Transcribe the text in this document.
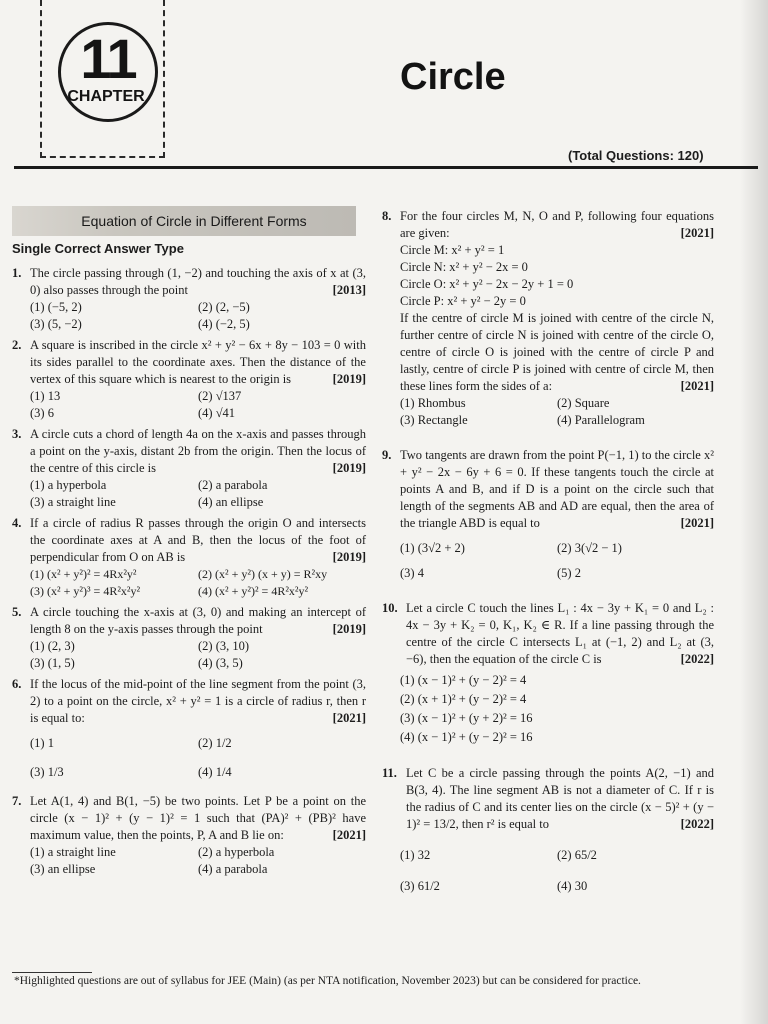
11
CHAPTER	Circle
(Total Questions: 120)
Equation of Circle in Different Forms
Single Correct Answer Type
1. The circle passing through (1, −2) and touching the axis of x at (3, 0) also passes through the point	[2013]
(1) (−5, 2)	(2) (2, −5)
(3) (5, −2)	(4) (−2, 5)
2. A square is inscribed in the circle x² + y² − 6x + 8y − 103 = 0 with its sides parallel to the coordinate axes. Then the distance of the vertex of this square which is nearest to the origin is	[2019]
(1) 13	(2) √137
(3) 6	(4) √41
3. A circle cuts a chord of length 4a on the x-axis and passes through a point on the y-axis, distant 2b from the origin. Then the locus of the centre of this circle is	[2019]
(1) a hyperbola	(2) a parabola
(3) a straight line	(4) an ellipse
4. If a circle of radius R passes through the origin O and intersects the coordinate axes at A and B, then the locus of the foot of perpendicular from O on AB is	[2019]
(1) (x² + y²)² = 4Rx²y²	(2) (x² + y²) (x + y) = R²xy
(3) (x² + y²)³ = 4R²x²y²	(4) (x² + y²)² = 4R²x²y²
5. A circle touching the x-axis at (3, 0) and making an intercept of length 8 on the y-axis passes through the point	[2019]
(1) (2, 3)	(2) (3, 10)
(3) (1, 5)	(4) (3, 5)
6. If the locus of the mid-point of the line segment from the point (3, 2) to a point on the circle, x² + y² = 1 is a circle of radius r, then r is equal to:	[2021]
(1) 1	(2) 1/2
(3) 1/3	(4) 1/4
7. Let A(1, 4) and B(1, −5) be two points. Let P be a point on the circle (x − 1)² + (y − 1)² = 1 such that (PA)² + (PB)² have maximum value, then the points, P, A and B lie on:	[2021]
(1) a straight line	(2) a hyperbola
(3) an ellipse	(4) a parabola
8. For the four circles M, N, O and P, following four equations are given:	[2021]
Circle M: x² + y² = 1
Circle N: x² + y² − 2x = 0
Circle O: x² + y² − 2x − 2y + 1 = 0
Circle P: x² + y² − 2y = 0
If the centre of circle M is joined with centre of the circle N, further centre of circle N is joined with centre of the circle O, centre of circle O is joined with the centre of circle P and lastly, centre of circle P is joined with centre of circle M, then these lines form the sides of a:	[2021]
(1) Rhombus	(2) Square
(3) Rectangle	(4) Parallelogram
9. Two tangents are drawn from the point P(−1, 1) to the circle x² + y² − 2x − 6y + 6 = 0. If these tangents touch the circle at points A and B, and if D is a point on the circle such that length of the segments AB and AD are equal, then the area of the triangle ABD is equal to	[2021]
(1) (3√2 + 2)	(2) 3(√2 − 1)
(3) 4	(5) 2
10. Let a circle C touch the lines L₁ : 4x − 3y + K₁ = 0 and L₂ : 4x − 3y + K₂ = 0, K₁, K₂ ∈ R. If a line passing through the centre of the circle C intersects L₁ at (−1, 2) and L₂ at (3, −6), then the equation of the circle C is	[2022]
(1) (x − 1)² + (y − 2)² = 4
(2) (x + 1)² + (y − 2)² = 4
(3) (x − 1)² + (y + 2)² = 16
(4) (x − 1)² + (y − 2)² = 16
11. Let C be a circle passing through the points A(2, −1) and B(3, 4). The line segment AB is not a diameter of C. If r is the radius of C and its center lies on the circle (x − 5)² + (y − 1)² = 13/2, then r² is equal to	[2022]
(1) 32	(2) 65/2
(3) 61/2	(4) 30
*Highlighted questions are out of syllabus for JEE (Main) (as per NTA notification, November 2023) but can be considered for practice.
